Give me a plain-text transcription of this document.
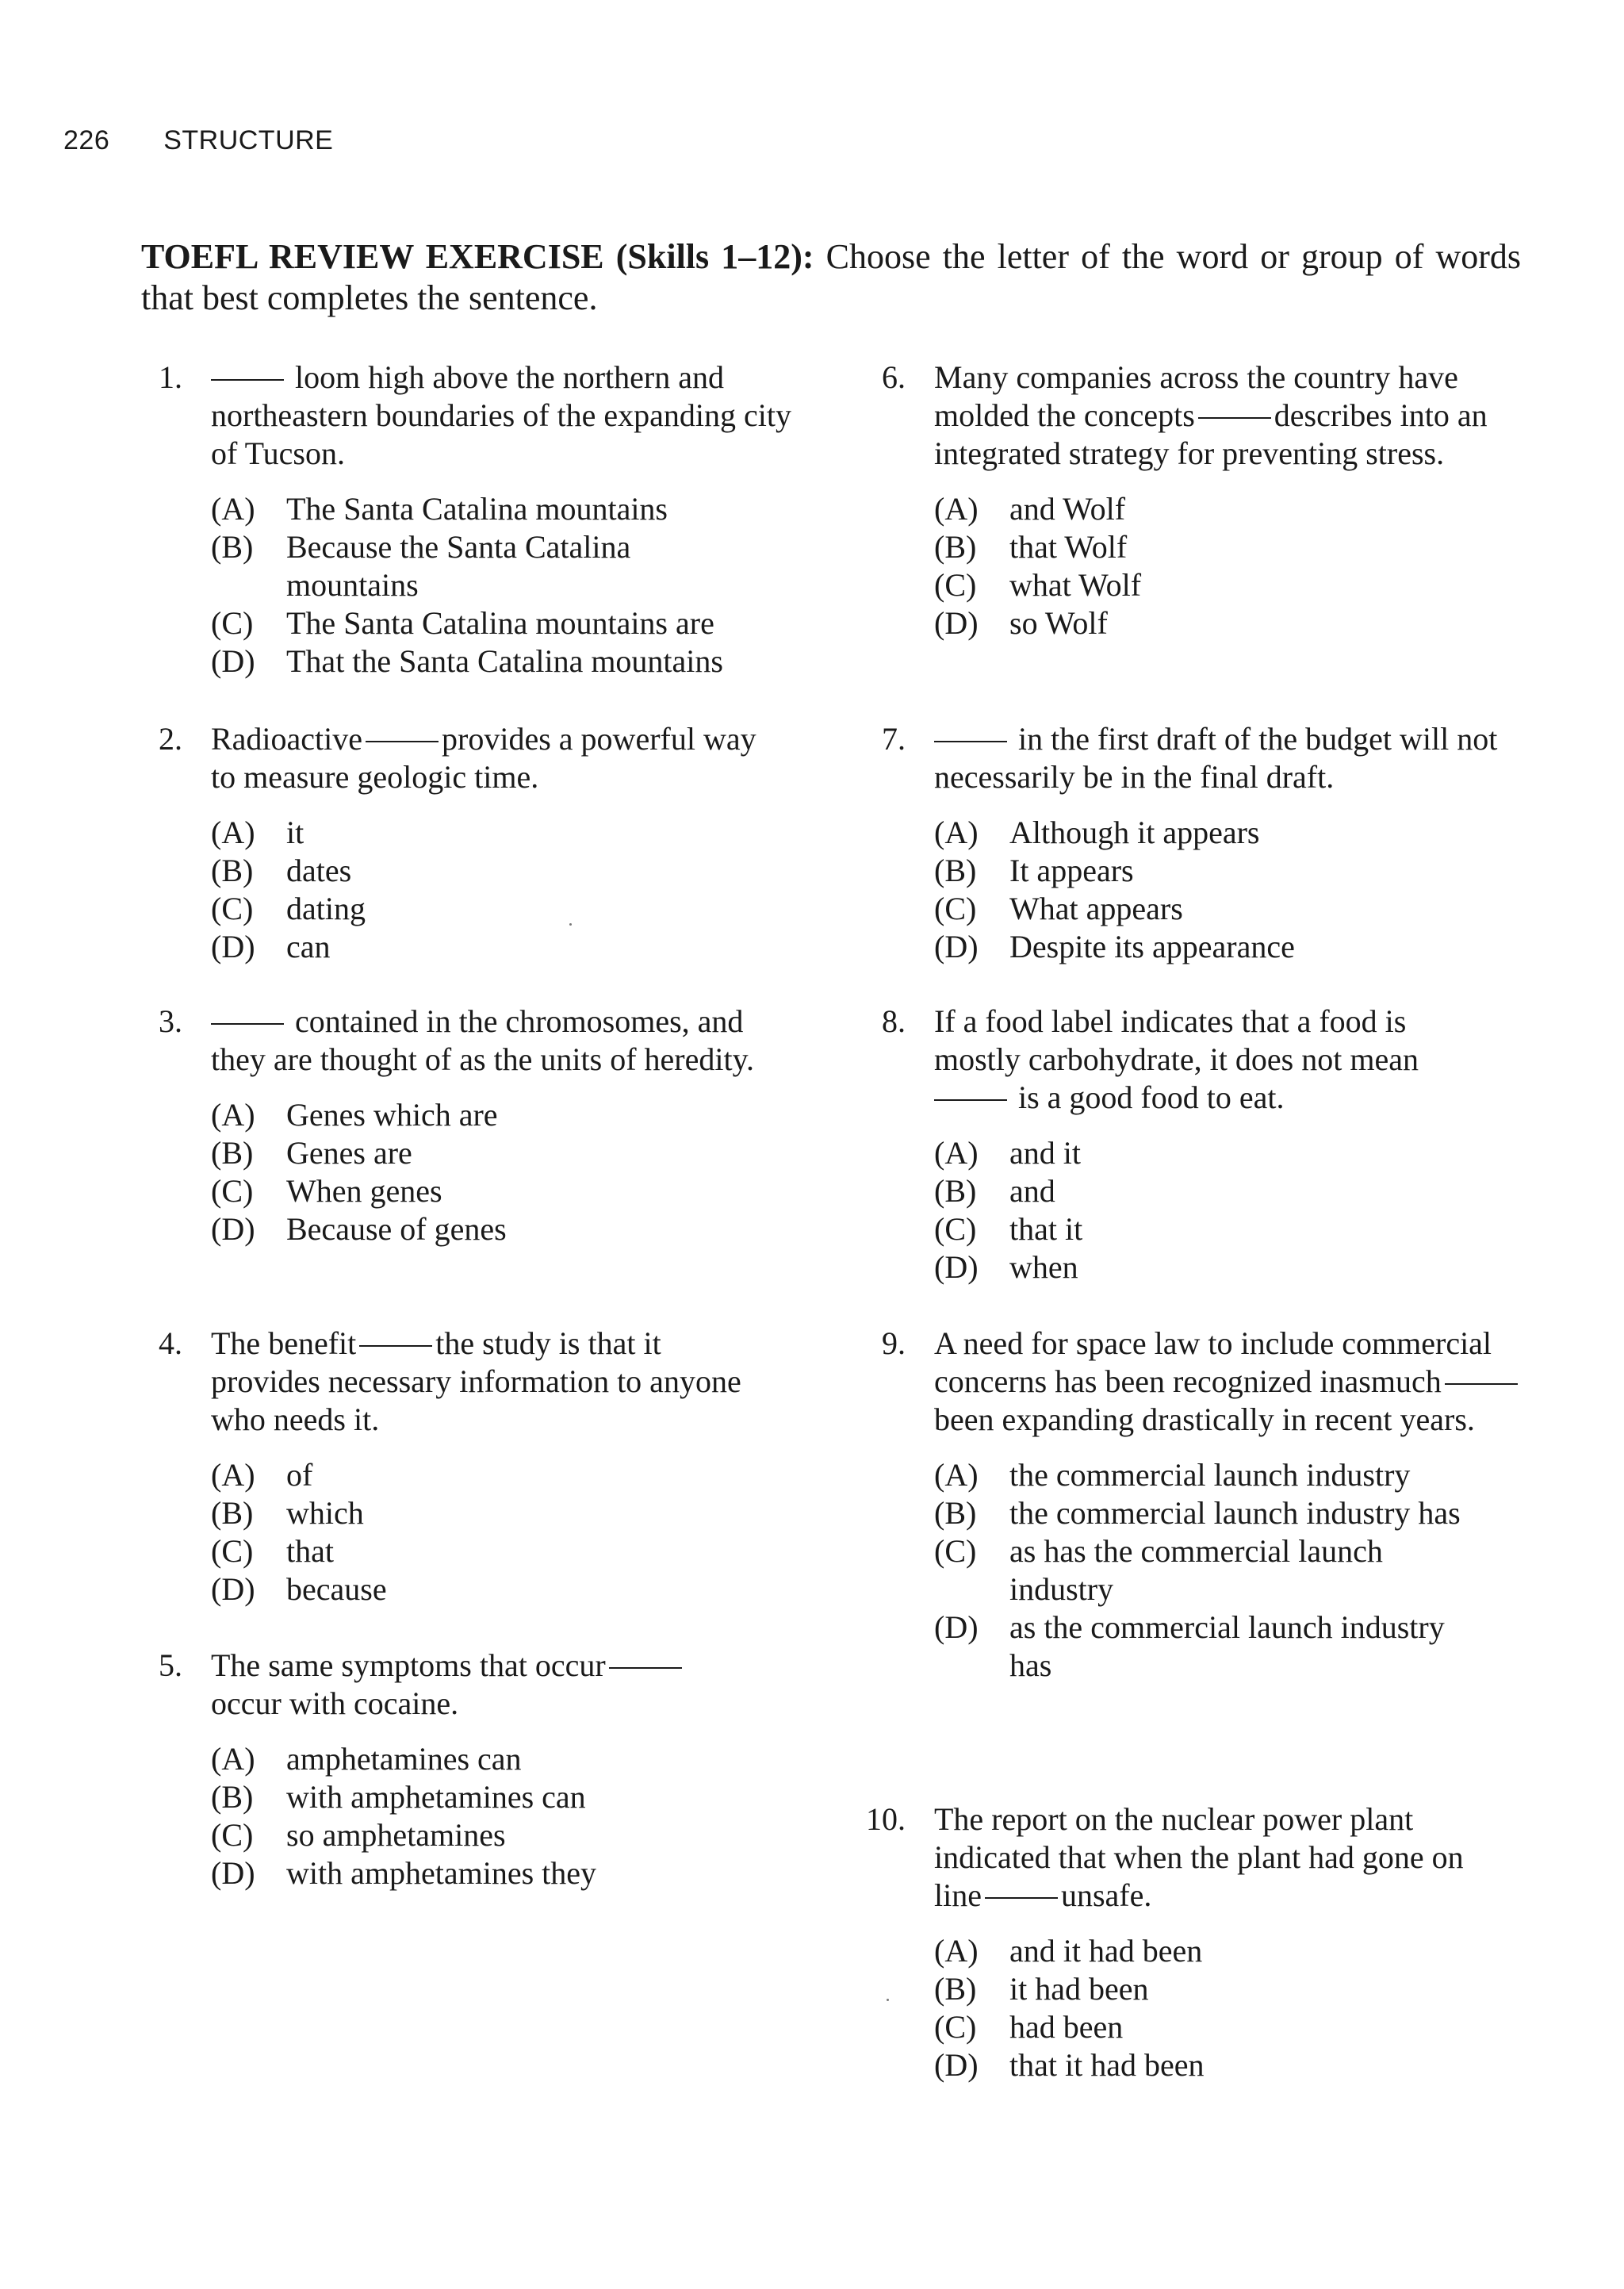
226 STRUCTURE
TOEFL REVIEW EXERCISE (Skills 1–12): Choose the letter of the word or group of words that best completes the sentence.
1.	loom high above the northern and northeastern boundaries of the expanding city of Tucson.
(A) The Santa Catalina mountains
(B) Because the Santa Catalina mountains
(C) The Santa Catalina mountains are
(D) That the Santa Catalina mountains
2. Radioactive	provides a powerful way to measure geologic time.
(A) it
(B) dates
(C) dating
(D) can
3.	contained in the chromosomes, and they are thought of as the units of heredity.
(A) Genes which are
(B) Genes are
(C) When genes
(D) Because of genes
4. The benefit	the study is that it provides necessary information to anyone who needs it.
(A) of
(B) which
(C) that
(D) because
5. The same symptoms that occur occur with cocaine.
(A) amphetamines can
(B) with amphetamines can
(C) so amphetamines
(D) with amphetamines they
6. Many companies across the country have molded the concepts	describes into an integrated strategy for preventing stress.
(A) and Wolf
(B) that Wolf
(C) what Wolf
(D) so Wolf
7.	in the first draft of the budget will not necessarily be in the final draft.
(A) Although it appears
(B) It appears
(C) What appears
(D) Despite its appearance
8. If a food label indicates that a food is mostly carbohydrate, it does not mean
is a good food to eat.
(A) and it
(B) and
(C) that it
(D) when
9. A need for space law to include commercial concerns has been recognized inasmuchbeen expanding drastically in recent years.
(A) the commercial launch industry
(B) the commercial launch industry has
(C) as has the commercial launch industry
(D) as the commercial launch industry has
10. The report on the nuclear power plant indicated that when the plant had gone on line	unsafe.
(A) and it had been
(B) it had been
(C) had been
(D) that it had been
